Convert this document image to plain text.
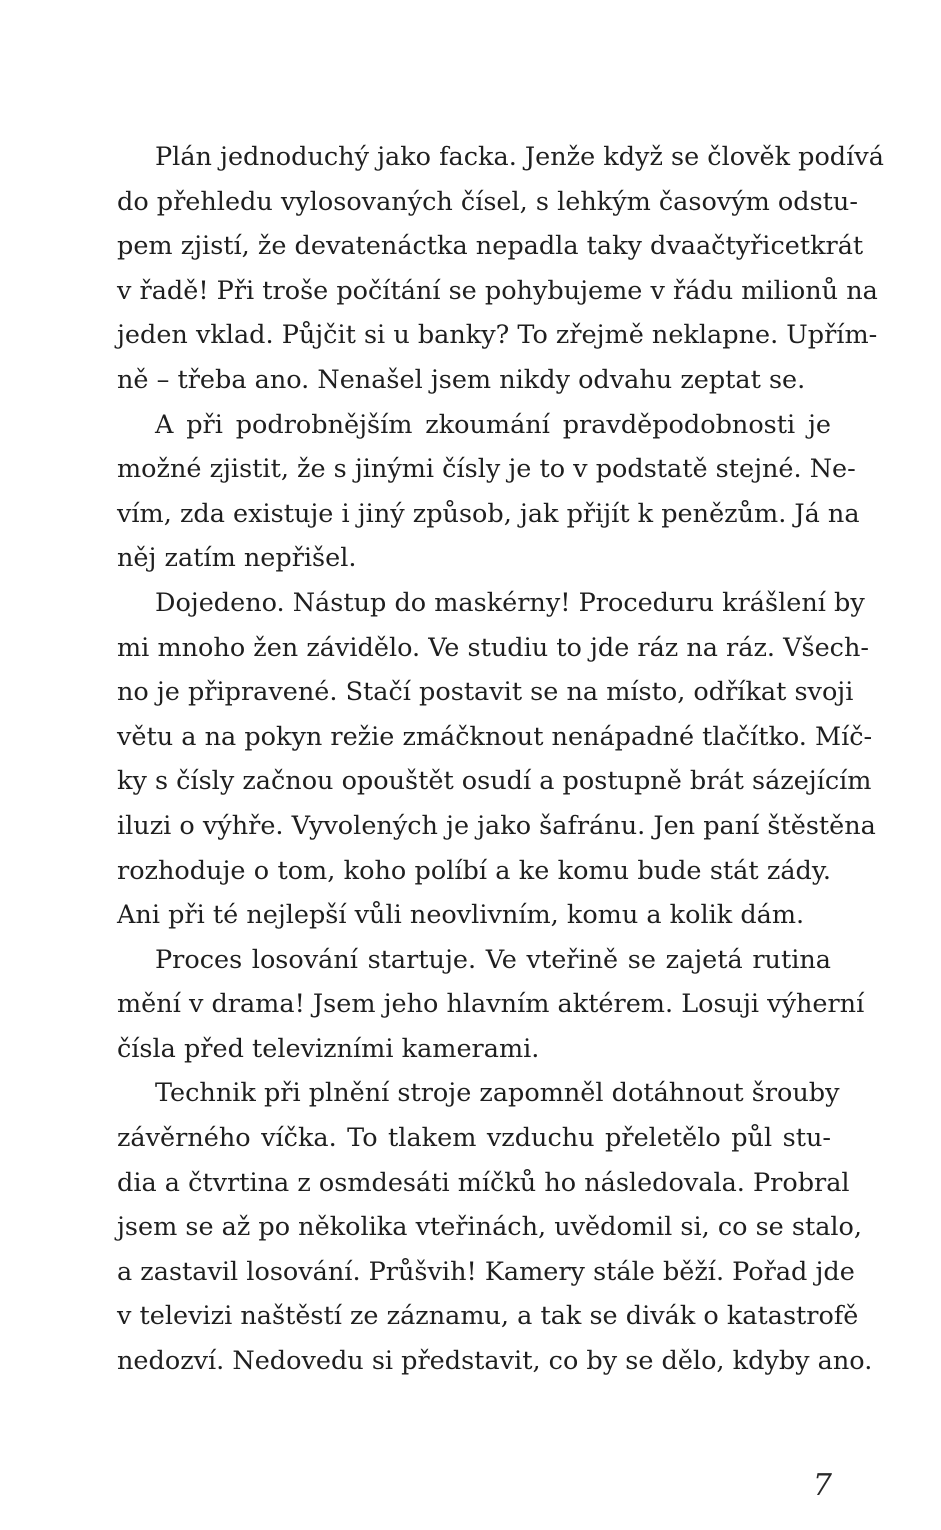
Plán jednoduchý jako facka. Jenže když se člověk podívá
do přehledu vylosovaných čísel, s lehkým časovým odstu-
pem zjistí, že devatenáctka nepadla taky dvaačtyřicetkrát
v řadě! Při troše počítání se pohybujeme v řádu milionů na
jeden vklad. Půjčit si u banky? To zřejmě neklapne. Upřím-
ně – třeba ano. Nenašel jsem nikdy odvahu zeptat se.
A při podrobnějším zkoumání pravděpodobnosti je
možné zjistit, že s jinými čísly je to v podstatě stejné. Ne-
vím, zda existuje i jiný způsob, jak přijít k penězům. Já na
něj zatím nepřišel.
Dojedeno. Nástup do maskérny! Proceduru krášlení by
mi mnoho žen závidělo. Ve studiu to jde ráz na ráz. Všech-
no je připravené. Stačí postavit se na místo, odříkat svoji
větu a na pokyn režie zmáčknout nenápadné tlačítko. Míč-
ky s čísly začnou opouštět osudí a postupně brát sázejícím
iluzi o výhře. Vyvolených je jako šafránu. Jen paní štěstěna
rozhoduje o tom, koho políbí a ke komu bude stát zády.
Ani při té nejlepší vůli neovlivním, komu a kolik dám.
Proces losování startuje. Ve vteřině se zajetá rutina
mění v drama! Jsem jeho hlavním aktérem. Losuji výherní
čísla před televizními kamerami.
Technik při plnění stroje zapomněl dotáhnout šrouby
závěrného víčka. To tlakem vzduchu přeletělo půl stu-
dia a čtvrtina z osmdesáti míčků ho následovala. Probral
jsem se až po několika vteřinách, uvědomil si, co se stalo,
a zastavil losování. Průšvih! Kamery stále běží. Pořad jde
v televizi naštěstí ze záznamu, a tak se divák o katastrofě
nedozví. Nedovedu si představit, co by se dělo, kdyby ano.
7
